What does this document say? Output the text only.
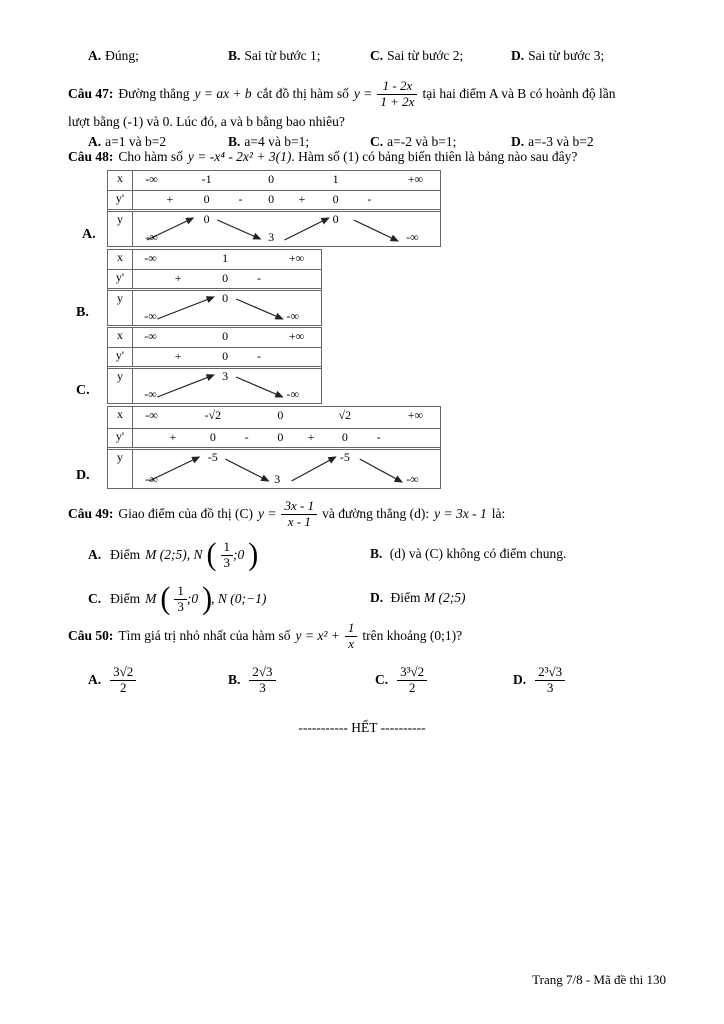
A. Đúng;	B. Sai từ bước 1;	C. Sai từ bước 2;	D. Sai từ bước 3;
Câu 47: Đường thẳng y = ax + b cắt đồ thị hàm số $y = \frac{1 - 2x}{1 + 2x}$ tại hai điểm A và B có hoành độ lần
lượt bằng (-1) và 0. Lúc đó, a và b bằng bao nhiêu?
A. a=1 và b=2	B. a=4 và b=1;	C. a=-2 và b=1;	D. a=-3 và b=2
Câu 48: Cho hàm số y = -x⁴ - 2x² + 3(1) . Hàm số (1) có bảng biến thiên là bảng nào sau đây?
x	-∞	-1	0	1	+∞
y'	+	0 - 0 + 0 -
y	0	0
-∞	3	-∞
A.
x	-∞	1	+∞
y'	+	0 -
y	0
-∞	-∞
B.
x	-∞	0	+∞
y'	+	0 -
y	3
-∞	-∞
C.
x	-∞	-√2	0	√2	+∞
y'	+	0 - 0 + 0 -
y	-5	-5
-∞	3	-∞
D.
Câu 49: Giao điểm của đồ thị (C) $y = \frac{3x - 1}{x - 1}$ và đường thẳng (d): y = 3x - 1 là:
A. Điểm M (2;5), N ( $\frac{1}{3}$ ;0 )	B. (d) và (C) không có điểm chung.
C. Điểm M ( $\frac{1}{3}$ ;0 ) , N (0;−1)	D. Điểm M (2;5)
Câu 50: Tìm giá trị nhỏ nhất của hàm số $y = x^2 + \frac{1}{x}$ trên khoảng (0;1)?
A. $\frac{3√2}{2}$	B. $\frac{2√3}{3}$	C. $\frac{\text{3³√2}}{2}$	D. $\frac{\text{2³√3}}{3}$
----------- HẾT ----------
Trang 7/8 - Mã đề thi 130
